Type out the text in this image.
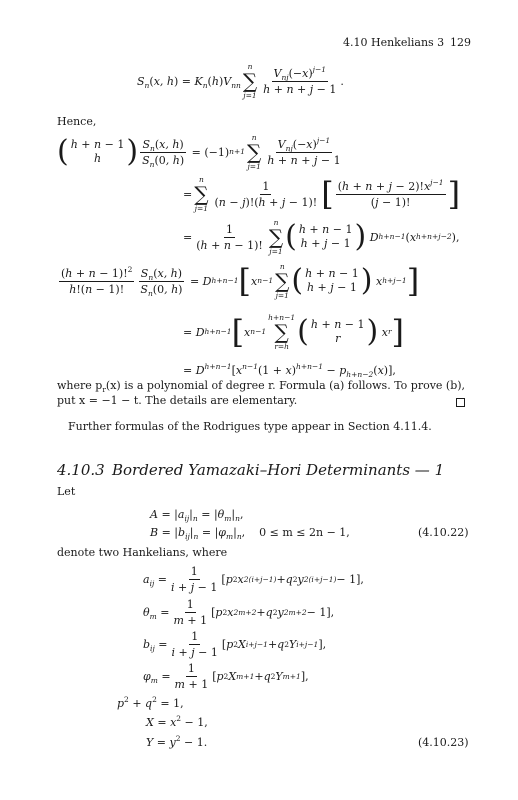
4.10 Henkelians 3 129
$S_n$ ( x, h ) = $K_n$ ( h ) $V_{nn}$
n
∑
$j=1 \frac{V_{nj}(-x)^{j-1}}{h + n + j - 1}$ .
Hence,
( h + n − 1
h ) $\frac{S_n(x, h)}{S_n(0, h)} = (-1)$ n+1
n
∑
$j=1 \frac{V_{nj}(-x)^{j-1}}{h + n + j - 1}$
=
n
∑
$j=1 \frac{1}{(n - j)!(h + j - 1)!}$ [ $\frac{(h + n + j - 2)!x^{j-1}}{(j - 1)!}$ ]
= $\frac{1}{(h + n - 1)!}$ n
∑
j=1 ( h + n − 1
h + j − 1 )
D h+n−1 ( x h+n+j−2 ),
$\frac{(h + n - 1)!^2}{h!(n - 1)!} \frac{S_n(x, h)}{S_n(0, h)} = D$ h+n−1 [ x n−1
n
∑
j=1 ( h + n − 1
h + j − 1 )
x h+j−1 ]
= D h+n−1 [ x n−1
h+n−1
∑
r=h ( h + n − 1
r )
x r ]
= $D^{h+n-1}[x^{n-1}(1 + x)^{h+n-1} - p_{h+n-2}(x)]$,
where $p_r(x)$ is a polynomial of degree r. Formula (a) follows. To prove (b),
put x = −1 − t. The details are elementary.
Further formulas of the Rodrigues type appear in Section 4.11.4.
4.10.3 Bordered Yamazaki–Hori Determinants — 1
Let
$A = |a_{ij}|_n = |\theta_m|_n$,
$B = |b_{ij}|_n = |\varphi_m|_n$,    0 ≤ m ≤ 2n − 1,	(4.10.22)
denote two Hankelians, where
$a_{ij} = \frac{1}{i + j - 1}$ [ p 2 x 2(i+j−1) + q 2 y 2(i+j−1) − 1],
$\theta_m = \frac{1}{m + 1}$ [ p 2 x 2m+2 + q 2 y 2m+2 − 1],
$b_{ij} = \frac{1}{i + j - 1}$ [ p 2 X i+j−1 + q 2 Y i+j−1 ],
$\varphi_m = \frac{1}{m + 1}$ [ p 2 X m+1 + q 2 Y m+1 ],
$p^2 + q^2 = 1$,
$X = x^2 - 1$,
$Y = y^2 - 1$.	(4.10.23)
